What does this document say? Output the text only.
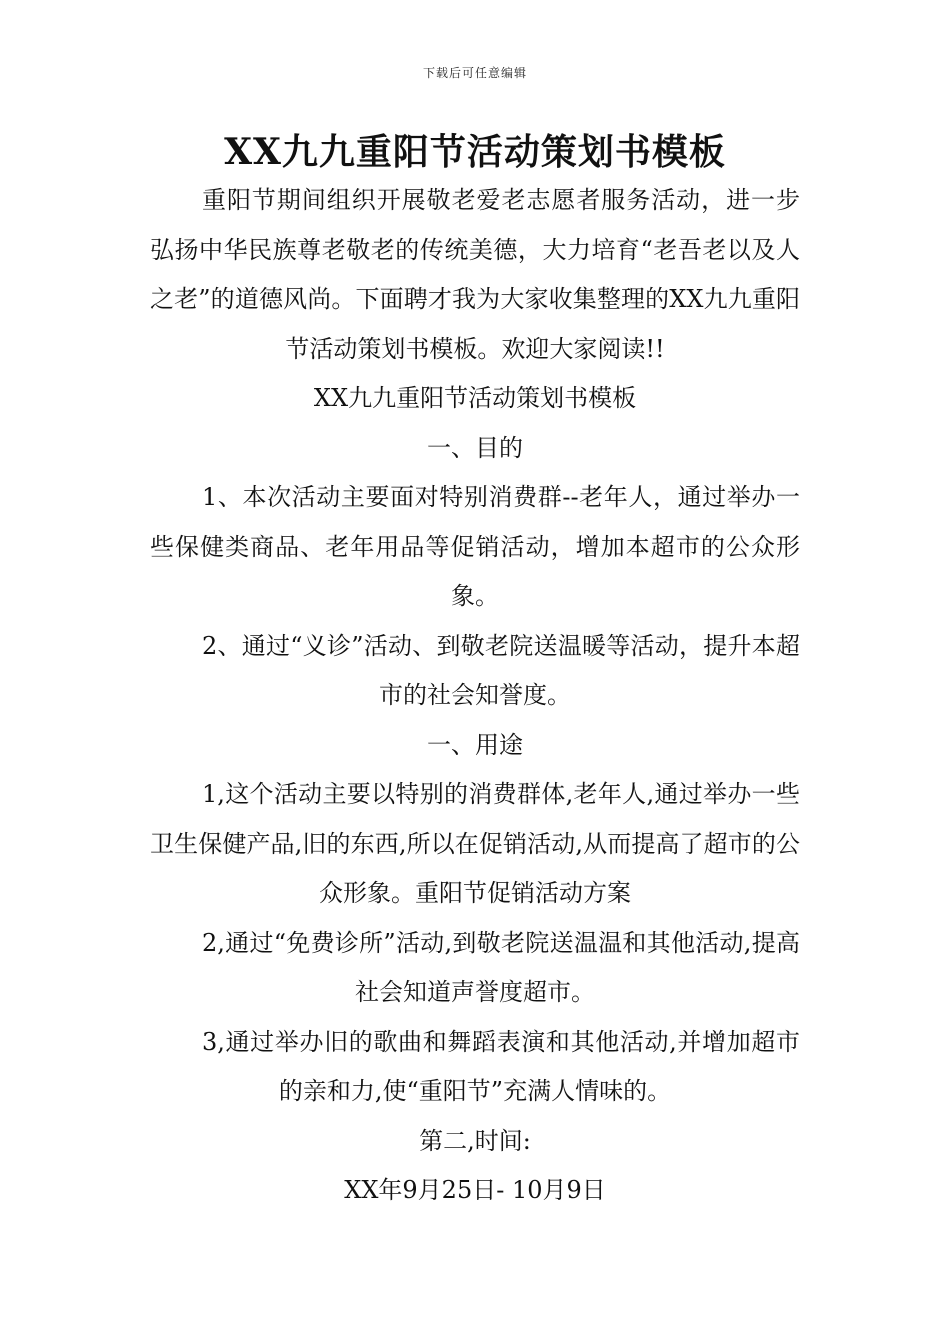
下载后可任意编辑
XX九九重阳节活动策划书模板

重阳节期间组织开展敬老爱老志愿者服务活动，进一步弘扬中华民族尊老敬老的传统美德，大力培育“老吾老以及人之老”的道德风尚。下面聘才我为大家收集整理的XX九九重阳节活动策划书模板。欢迎大家阅读!!

XX九九重阳节活动策划书模板

一、目的

1、本次活动主要面对特别消费群--老年人，通过举办一些保健类商品、老年用品等促销活动，增加本超市的公众形象。

2、通过“义诊”活动、到敬老院送温暖等活动，提升本超市的社会知誉度。

一、用途

1,这个活动主要以特别的消费群体,老年人,通过举办一些卫生保健产品,旧的东西,所以在促销活动,从而提高了超市的公众形象。重阳节促销活动方案

2,通过“免费诊所”活动,到敬老院送温温和其他活动,提高社会知道声誉度超市。

3,通过举办旧的歌曲和舞蹈表演和其他活动,并增加超市的亲和力,使“重阳节”充满人情味的。

第二,时间:

XX年9月25日- 10月9日
